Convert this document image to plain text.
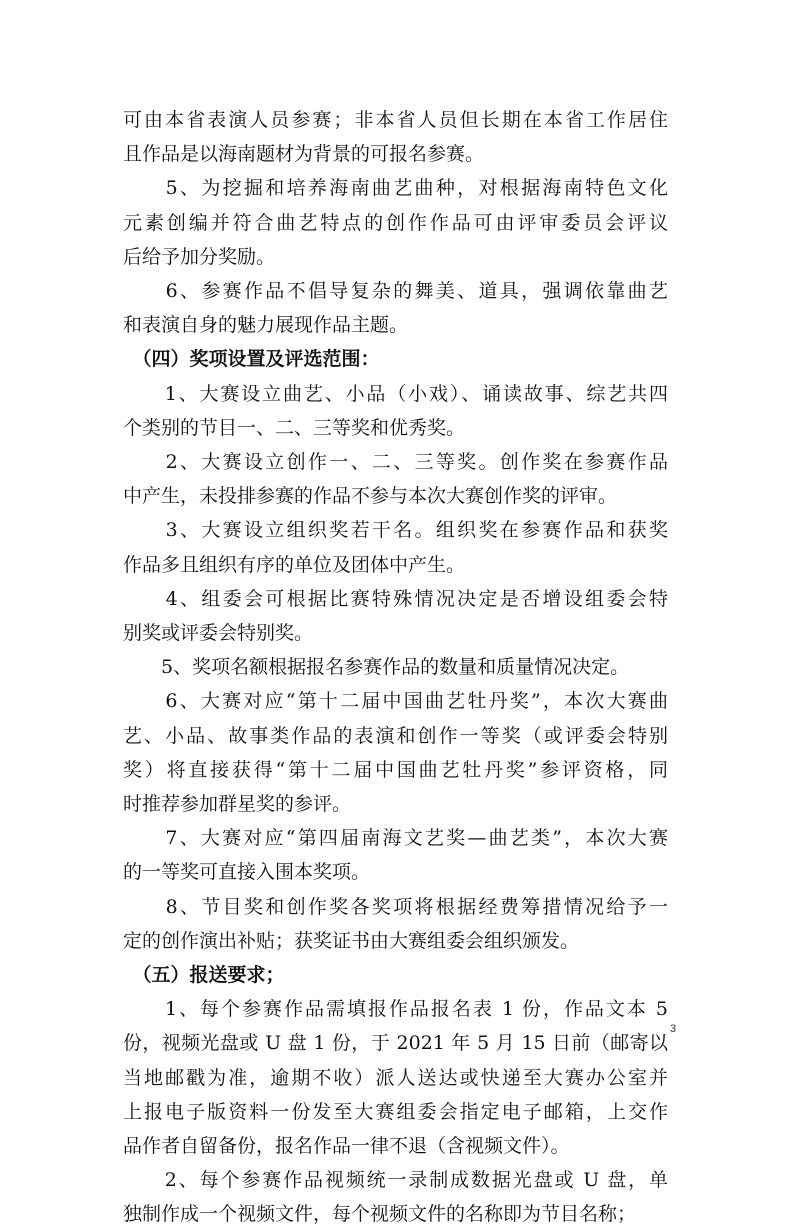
可由本省表演人员参赛；非本省人员但长期在本省工作居住
且作品是以海南题材为背景的可报名参赛。
　　5、为挖掘和培养海南曲艺曲种，对根据海南特色文化
元素创编并符合曲艺特点的创作作品可由评审委员会评议
后给予加分奖励。
　　6、参赛作品不倡导复杂的舞美、道具，强调依靠曲艺
和表演自身的魅力展现作品主题。
　（四）奖项设置及评选范围：
　　1、大赛设立曲艺、小品（小戏）、诵读故事、综艺共四
个类别的节目一、二、三等奖和优秀奖。
　　2、大赛设立创作一、二、三等奖。创作奖在参赛作品
中产生，未投排参赛的作品不参与本次大赛创作奖的评审。
　　3、大赛设立组织奖若干名。组织奖在参赛作品和获奖
作品多且组织有序的单位及团体中产生。
　　4、组委会可根据比赛特殊情况决定是否增设组委会特
别奖或评委会特别奖。
　　5、奖项名额根据报名参赛作品的数量和质量情况决定。
　　6、大赛对应“第十二届中国曲艺牡丹奖”，本次大赛曲
艺、小品、故事类作品的表演和创作一等奖（或评委会特别
奖）将直接获得“第十二届中国曲艺牡丹奖”参评资格，同
时推荐参加群星奖的参评。
　　7、大赛对应“第四届南海文艺奖—曲艺类”，本次大赛
的一等奖可直接入围本奖项。
　　8、节目奖和创作奖各奖项将根据经费筹措情况给予一
定的创作演出补贴；获奖证书由大赛组委会组织颁发。
　（五）报送要求；
　　1、每个参赛作品需填报作品报名表 1 份，作品文本 5
份，视频光盘或 U 盘 1 份，于 2021 年 5 月 15 日前（邮寄以
当地邮戳为准，逾期不收）派人送达或快递至大赛办公室并
上报电子版资料一份发至大赛组委会指定电子邮箱，上交作
品作者自留备份，报名作品一律不退（含视频文件）。
　　2、每个参赛作品视频统一录制成数据光盘或 U 盘，单
独制作成一个视频文件，每个视频文件的名称即为节目名称；
3
